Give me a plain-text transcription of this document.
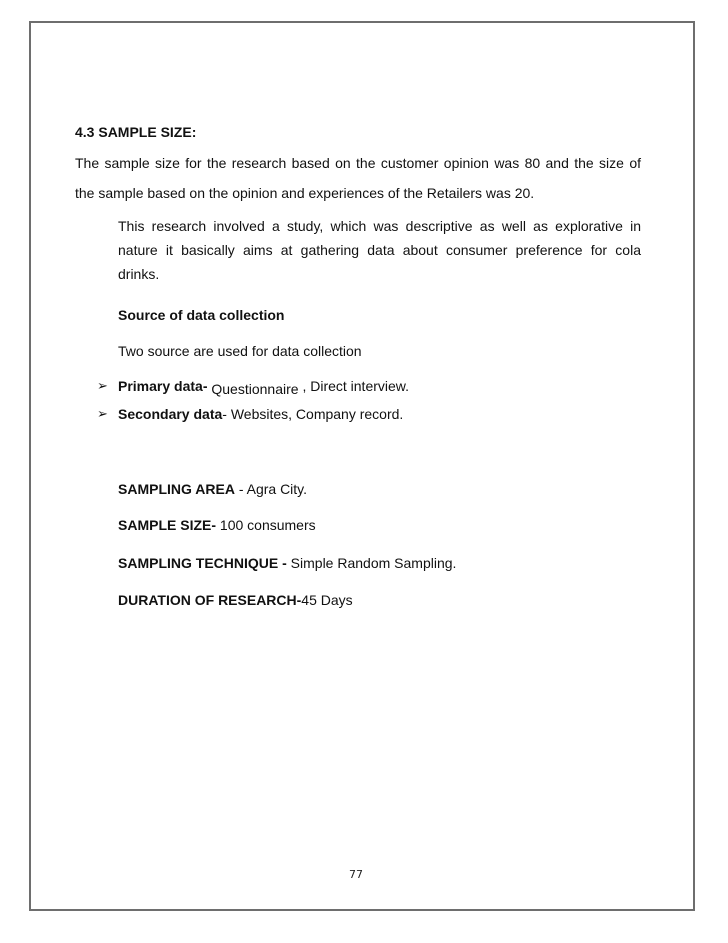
4.3 SAMPLE SIZE:
The sample size for the research based on the customer opinion was 80 and the size of
the sample based on the opinion and experiences of the Retailers was 20.
This research involved a study, which was descriptive as well as explorative in
nature it basically aims at gathering data about consumer preference for cola
drinks.
Source of data collection
Two source are used for data collection
➢ Primary data- Questionnaire , Direct interview.
➢ Secondary data- Websites, Company record.
SAMPLING AREA - Agra City.
SAMPLE SIZE- 100 consumers
SAMPLING TECHNIQUE - Simple Random Sampling.
DURATION OF RESEARCH-45 Days
77
